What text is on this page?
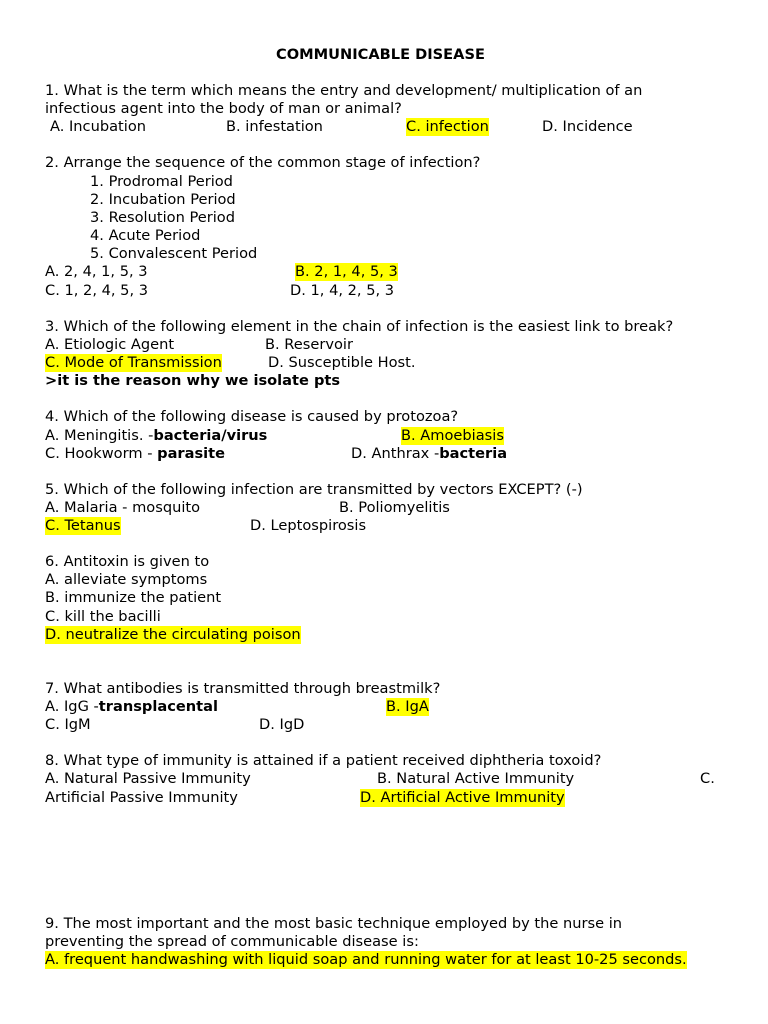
COMMUNICABLE DISEASE
1. What is the term which means the entry and development/ multiplication of an
infectious agent into the body of man or animal?
A. Incubation	B. infestation	C. infection	D. Incidence
2. Arrange the sequence of the common stage of infection?
1. Prodromal Period
2. Incubation Period
3. Resolution Period
4. Acute Period
5. Convalescent Period
A. 2, 4, 1, 5, 3	B. 2, 1, 4, 5, 3
C. 1, 2, 4, 5, 3	D. 1, 4, 2, 5, 3
3. Which of the following element in the chain of infection is the easiest link to break?
A. Etiologic Agent	B. Reservoir
C. Mode of Transmission	D. Susceptible Host.
>it is the reason why we isolate pts
4. Which of the following disease is caused by protozoa?
A. Meningitis. -bacteria/virus	B. Amoebiasis
C. Hookworm - parasite	D. Anthrax -bacteria
5. Which of the following infection are transmitted by vectors EXCEPT? (-)
A. Malaria - mosquito	B. Poliomyelitis
C. Tetanus	D. Leptospirosis
6. Antitoxin is given to
A. alleviate symptoms
B. immunize the patient
C. kill the bacilli
D. neutralize the circulating poison
7. What antibodies is transmitted through breastmilk?
A. IgG -transplacental	B. IgA
C. IgM	D. IgD
8. What type of immunity is attained if a patient received diphtheria toxoid?
A. Natural Passive Immunity	B. Natural Active Immunity	C.
Artificial Passive Immunity	D. Artificial Active Immunity
9. The most important and the most basic technique employed by the nurse in
preventing the spread of communicable disease is:
A. frequent handwashing with liquid soap and running water for at least 10-25 seconds.
